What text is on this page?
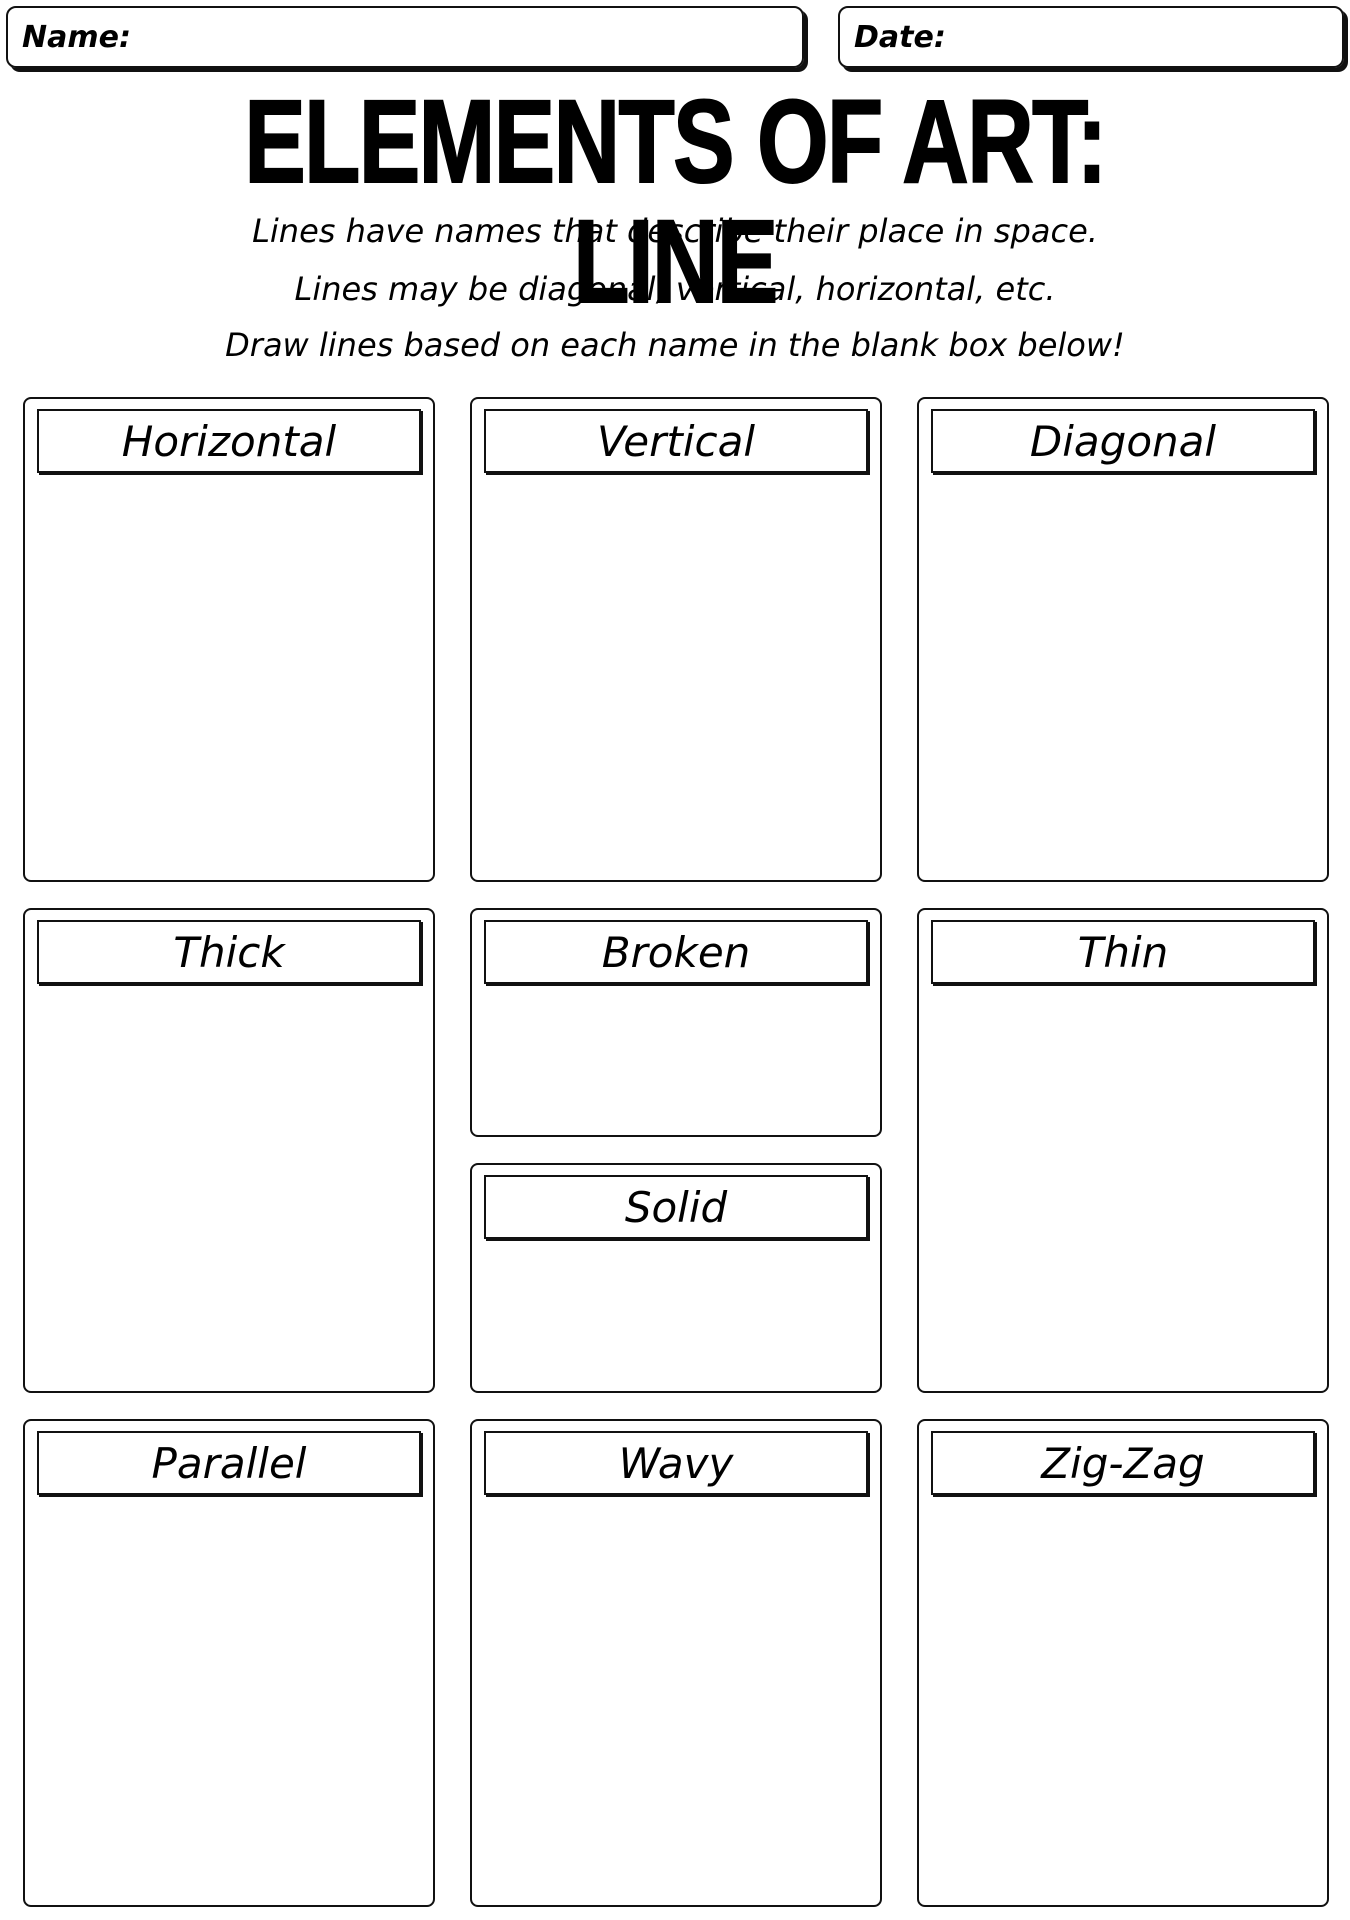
Name:	Date:
ELEMENTS OF ART: LINE
Lines have names that describe their place in space.
Lines may be diagonal, vertical, horizontal, etc.
Draw lines based on each name in the blank box below!
Horizontal	Vertical	Diagonal
Thick	Broken
Solid
Thin
Parallel	Wavy	Zig-Zag
